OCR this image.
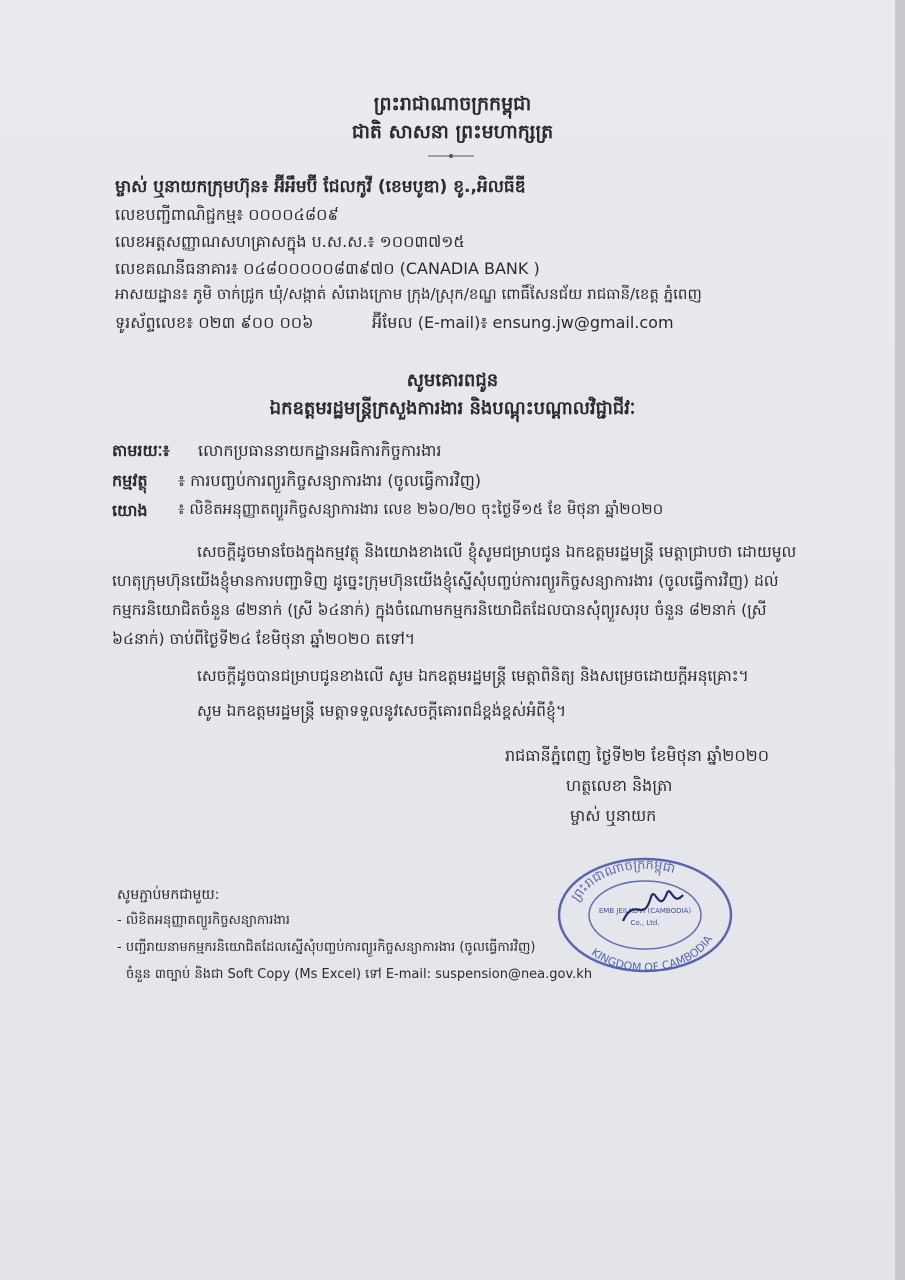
ព្រះរាជាណាចក្រកម្ពុជា
ជាតិ សាសនា ព្រះមហាក្សត្រ
ម្ចាស់ ឬនាយកក្រុមហ៊ុន៖ អ៊ីអឹមប៊ី ជែលកូវី (ខេមបូឌា) ខូ.,អិលធីឌី
លេខបញ្ជីពាណិជ្ជកម្ម៖ ០០០០៤៨០៩
លេខអត្តសញ្ញាណសហគ្រាសក្នុង ប.ស.ស.៖ ១០០៣៧១៥
លេខគណនីធនាគារ៖ ០៤៨០០០០០៨៣៩៧០ (CANADIA BANK )
អាសយដ្ឋាន៖ ភូមិ ចាក់ជ្រូក ឃុំ/សង្កាត់ សំរោងក្រោម ក្រុង/ស្រុក/ខណ្ឌ ពោធិ៍សែនជ័យ រាជធានី/ខេត្ត ភ្នំពេញ
ទូរស័ព្ទលេខ៖ ០២៣ ៩០០ ០០៦	អ៊ីមែល (E-mail)៖ ensung.jw@gmail.com
សូមគោរពជូន
ឯកឧត្តមរដ្ឋមន្ត្រីក្រសួងការងារ និងបណ្តុះបណ្តាលវិជ្ជាជីវៈ
តាមរយៈ៖ លោកប្រធាននាយកដ្ឋានអធិការកិច្ចការងារ
កម្មវត្ថុ ៖ ការបញ្ចប់ការព្យួរកិច្ចសន្យាការងារ (ចូលធ្វើការវិញ)
យោង ៖ លិខិតអនុញ្ញាតព្យួរកិច្ចសន្យាការងារ លេខ ២៦០/២០ ចុះថ្ងៃទី១៥ ខែ មិថុនា ឆ្នាំ២០២០
សេចក្តីដូចមានចែងក្នុងកម្មវត្ថុ និងយោងខាងលើ ខ្ញុំសូមជម្រាបជូន ឯកឧត្តមរដ្ឋមន្ត្រី មេត្តាជ្រាបថា ដោយមូលហេតុក្រុមហ៊ុនយើងខ្ញុំមានការបញ្ជាទិញ ដូច្នេះក្រុមហ៊ុនយើងខ្ញុំស្នើសុំបញ្ចប់ការព្យួរកិច្ចសន្យាការងារ (ចូលធ្វើការវិញ) ដល់កម្មករនិយោជិតចំនួន ៨២នាក់ (ស្រី ៦៤នាក់) ក្នុងចំណោមកម្មករនិយោជិតដែលបានសុំព្យួរសរុប ចំនួន ៨២នាក់ (ស្រី ៦៤នាក់) ចាប់ពីថ្ងៃទី២៤ ខែមិថុនា ឆ្នាំ២០២០ តទៅ។
សេចក្តីដូចបានជម្រាបជូនខាងលើ សូម ឯកឧត្តមរដ្ឋមន្ត្រី មេត្តាពិនិត្យ និងសម្រេចដោយក្តីអនុគ្រោះ។
សូម ឯកឧត្តមរដ្ឋមន្ត្រី មេត្តាទទួលនូវសេចក្តីគោរពដ៏ខ្ពង់ខ្ពស់អំពីខ្ញុំ។
រាជធានីភ្នំពេញ ថ្ងៃទី២២ ខែមិថុនា ឆ្នាំ២០២០
ហត្ថលេខា និងត្រា
ម្ចាស់ ឬនាយក
ព្រះរាជាណាចក្រកម្ពុជា
KINGDOM OF CAMBODIA
EMB JEILKOVI (CAMBODIA)
Co., Ltd.
សូមភ្ជាប់មកជាមួយ:
- លិខិតអនុញ្ញាតព្យួរកិច្ចសន្យាការងារ
- បញ្ជីរាយនាមកម្មករនិយោជិតដែលស្នើសុំបញ្ចប់ការព្យួរកិច្ចសន្យាការងារ (ចូលធ្វើការវិញ)
ចំនួន ៣ច្បាប់ និងជា Soft Copy (Ms Excel) ទៅ E-mail: suspension@nea.gov.kh
